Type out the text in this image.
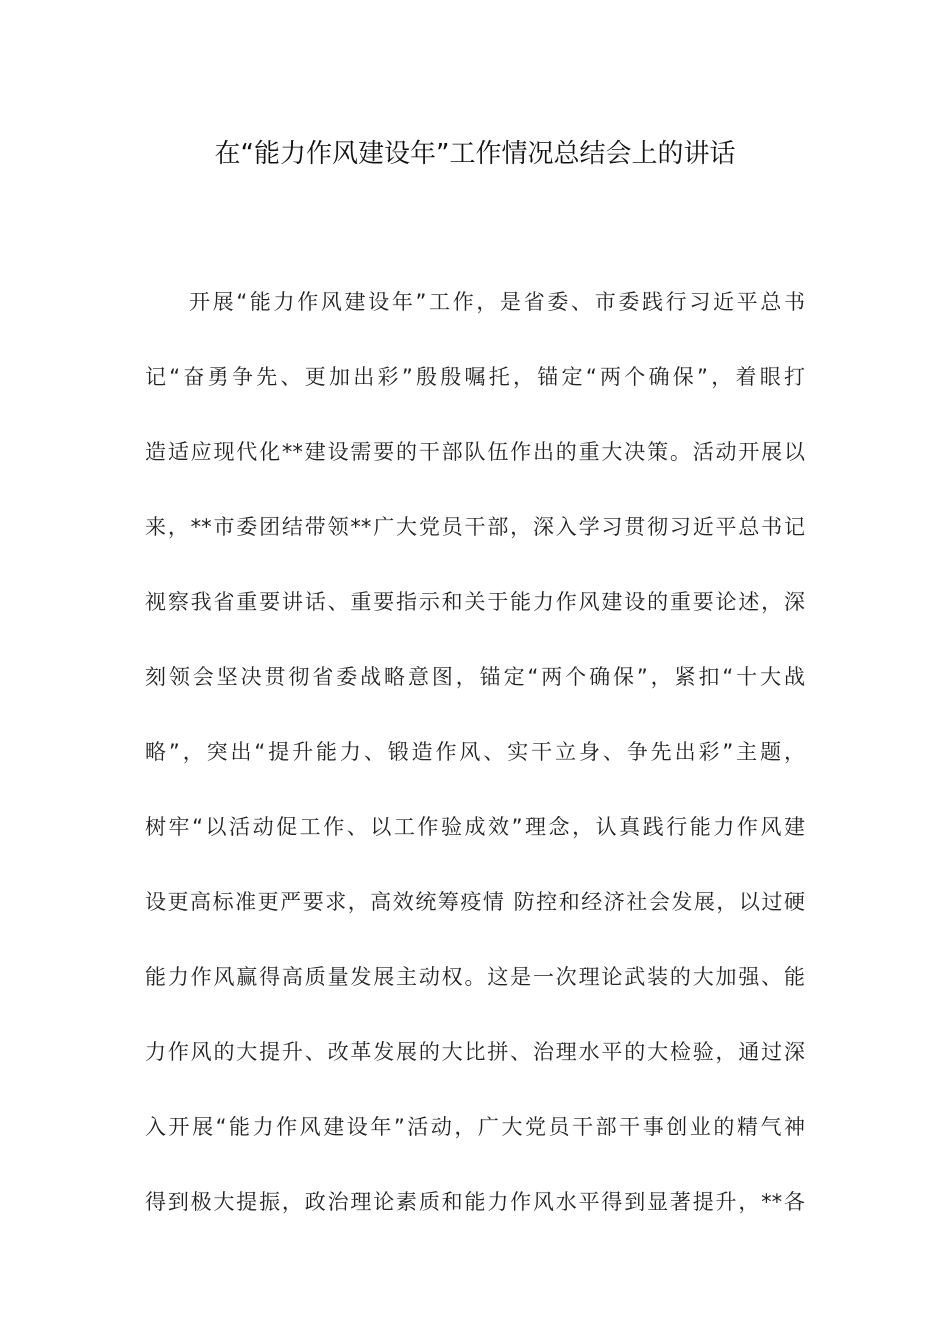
在“能力作风建设年”工作情况总结会上的讲话
开展“能力作风建设年”工作，是省委、市委践行习近平总书
记“奋勇争先、更加出彩”殷殷嘱托，锚定“两个确保”，着眼打
造适应现代化**建设需要的干部队伍作出的重大决策。活动开展以
来，**市委团结带领**广大党员干部，深入学习贯彻习近平总书记
视察我省重要讲话、重要指示和关于能力作风建设的重要论述，深
刻领会坚决贯彻省委战略意图，锚定“两个确保”，紧扣“十大战
略”，突出“提升能力、锻造作风、实干立身、争先出彩”主题，
树牢“以活动促工作、以工作验成效”理念，认真践行能力作风建
设更高标准更严要求，高效统筹疫情 防控和经济社会发展，以过硬
能力作风赢得高质量发展主动权。这是一次理论武装的大加强、能
力作风的大提升、改革发展的大比拼、治理水平的大检验，通过深
入开展“能力作风建设年”活动，广大党员干部干事创业的精气神
得到极大提振，政治理论素质和能力作风水平得到显著提升，**各
